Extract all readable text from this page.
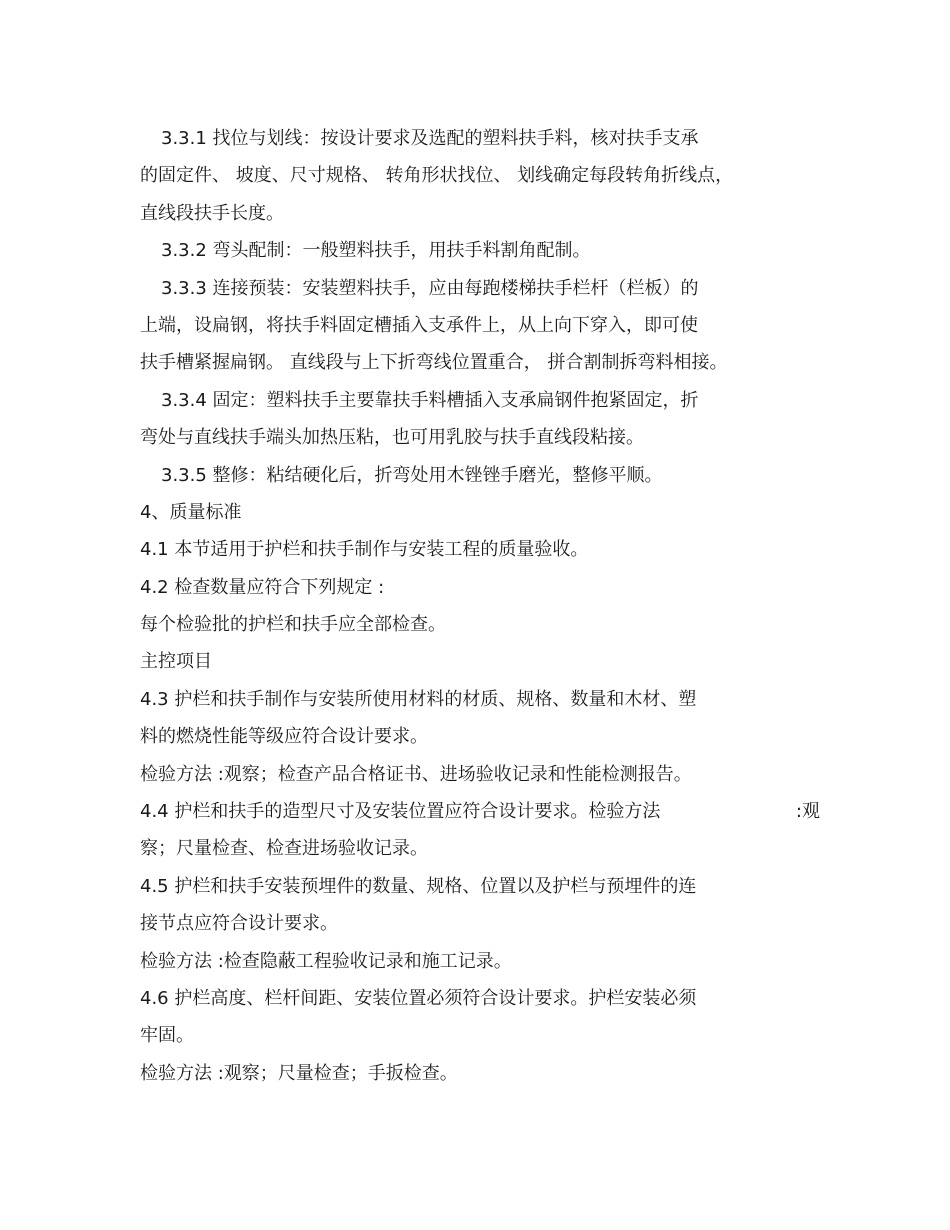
3.3.1 找位与划线：按设计要求及选配的塑料扶手料，核对扶手支承
的固定件、 坡度、尺寸规格、 转角形状找位、 划线确定每段转角折线点，
直线段扶手长度。
3.3.2 弯头配制：一般塑料扶手，用扶手料割角配制。
3.3.3 连接预装：安装塑料扶手，应由每跑楼梯扶手栏杆（栏板）的
上端，设扁钢，将扶手料固定槽插入支承件上，从上向下穿入，即可使
扶手槽紧握扁钢。 直线段与上下折弯线位置重合， 拼合割制拆弯料相接。
3.3.4 固定：塑料扶手主要靠扶手料槽插入支承扁钢件抱紧固定，折
弯处与直线扶手端头加热压粘，也可用乳胶与扶手直线段粘接。
3.3.5 整修：粘结硬化后，折弯处用木锉锉手磨光，整修平顺。
4、质量标准
4.1 本节适用于护栏和扶手制作与安装工程的质量验收。
4.2 检查数量应符合下列规定 :
每个检验批的护栏和扶手应全部检查。
主控项目
4.3 护栏和扶手制作与安装所使用材料的材质、规格、数量和木材、塑
料的燃烧性能等级应符合设计要求。
检验方法 :观察；检查产品合格证书、进场验收记录和性能检测报告。
4.4 护栏和扶手的造型尺寸及安装位置应符合设计要求。检验方法	:观
察；尺量检查、检查进场验收记录。
4.5 护栏和扶手安装预埋件的数量、规格、位置以及护栏与预埋件的连
接节点应符合设计要求。
检验方法 :检查隐蔽工程验收记录和施工记录。
4.6 护栏高度、栏杆间距、安装位置必须符合设计要求。护栏安装必须
牢固。
检验方法 :观察；尺量检查；手扳检查。
